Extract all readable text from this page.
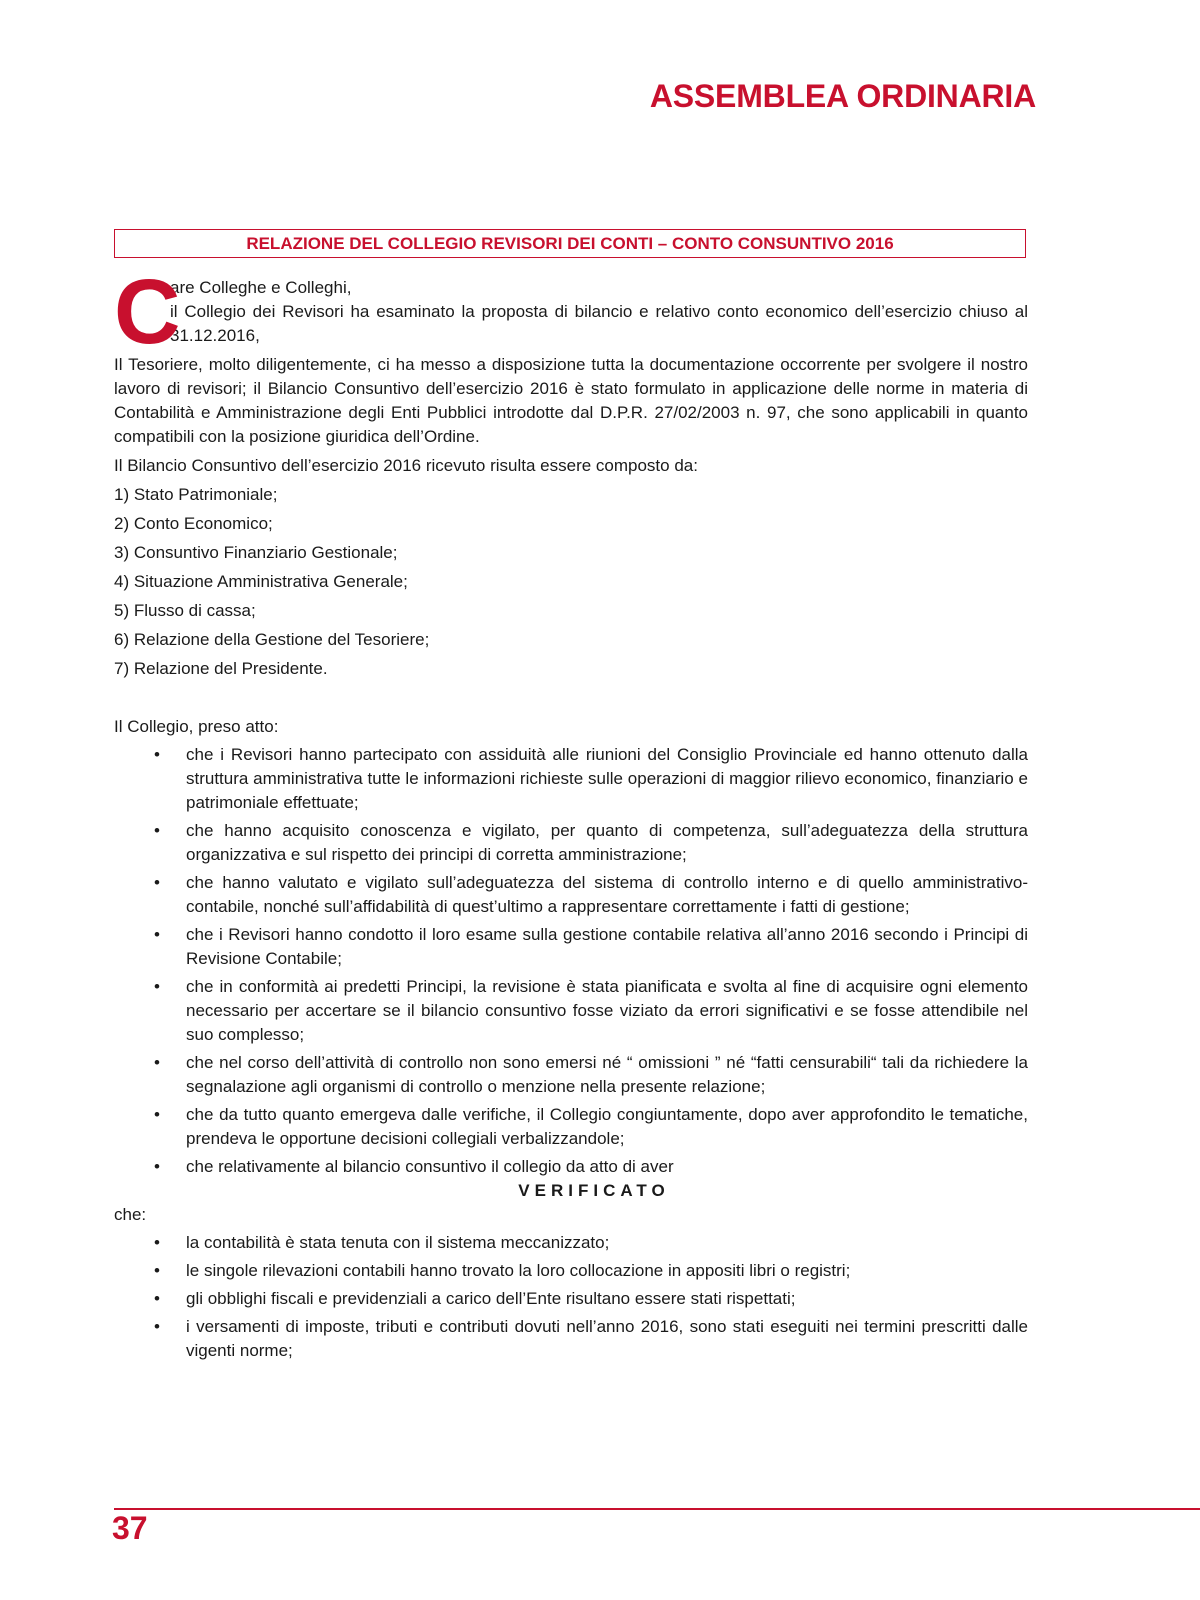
ASSEMBLEA ORDINARIA
RELAZIONE DEL COLLEGIO REVISORI DEI CONTI – CONTO CONSUNTIVO 2016
C

are Colleghe e Colleghi,

il Collegio dei Revisori ha esaminato la proposta di bilancio e relativo conto economico dell’esercizio chiuso al 31.12.2016,

Il Tesoriere, molto diligentemente, ci ha messo a disposizione tutta la documentazione occorrente per svolgere il nostro lavoro di revisori; il Bilancio Consuntivo dell’esercizio 2016 è stato formulato in applicazione delle norme in materia di Contabilità e Amministrazione degli Enti Pubblici introdotte dal D.P.R. 27/02/2003 n. 97, che sono applicabili in quanto compatibili con la posizione giuridica dell’Ordine.

Il Bilancio Consuntivo dell’esercizio 2016 ricevuto risulta essere composto da:

1) Stato Patrimoniale;

2) Conto Economico;

3) Consuntivo Finanziario Gestionale;

4) Situazione Amministrativa Generale;

5) Flusso di cassa;

6) Relazione della Gestione del Tesoriere;

7) Relazione del Presidente.

Il Collegio, preso atto:

• che i Revisori hanno partecipato con assiduità alle riunioni del Consiglio Provinciale ed hanno ottenuto dalla struttura amministrativa tutte le informazioni richieste sulle operazioni di maggior rilievo economico, finanziario e patrimoniale effettuate;
• che hanno acquisito conoscenza e vigilato, per quanto di competenza, sull’adeguatezza della struttura organizzativa e sul rispetto dei principi di corretta amministrazione;
• che hanno valutato e vigilato sull’adeguatezza del sistema di controllo interno e di quello amministrativo-contabile, nonché sull’affidabilità di quest’ultimo a rappresentare correttamente i fatti di gestione;
• che i Revisori hanno condotto il loro esame sulla gestione contabile relativa all’anno 2016 secondo i Principi di Revisione Contabile;
• che in conformità ai predetti Principi, la revisione è stata pianificata e svolta al fine di acquisire ogni elemento necessario per accertare se il bilancio consuntivo fosse viziato da errori significativi e se fosse attendibile nel suo complesso;
• che nel corso dell’attività di controllo non sono emersi né “ omissioni ” né “fatti censurabili“ tali da richiedere la segnalazione agli organismi di controllo o menzione nella presente relazione;
• che da tutto quanto emergeva dalle verifiche, il Collegio congiuntamente, dopo aver approfondito le tematiche, prendeva le opportune decisioni collegiali verbalizzandole;
• che relativamente al bilancio consuntivo il collegio da atto di aver

VERIFICATO

che:

• la contabilità è stata tenuta con il sistema meccanizzato;
• le singole rilevazioni contabili hanno trovato la loro collocazione in appositi libri o registri;
• gli obblighi fiscali e previdenziali a carico dell’Ente risultano essere stati rispettati;
• i versamenti di imposte, tributi e contributi dovuti nell’anno 2016, sono stati eseguiti nei termini prescritti dalle vigenti norme;
37
